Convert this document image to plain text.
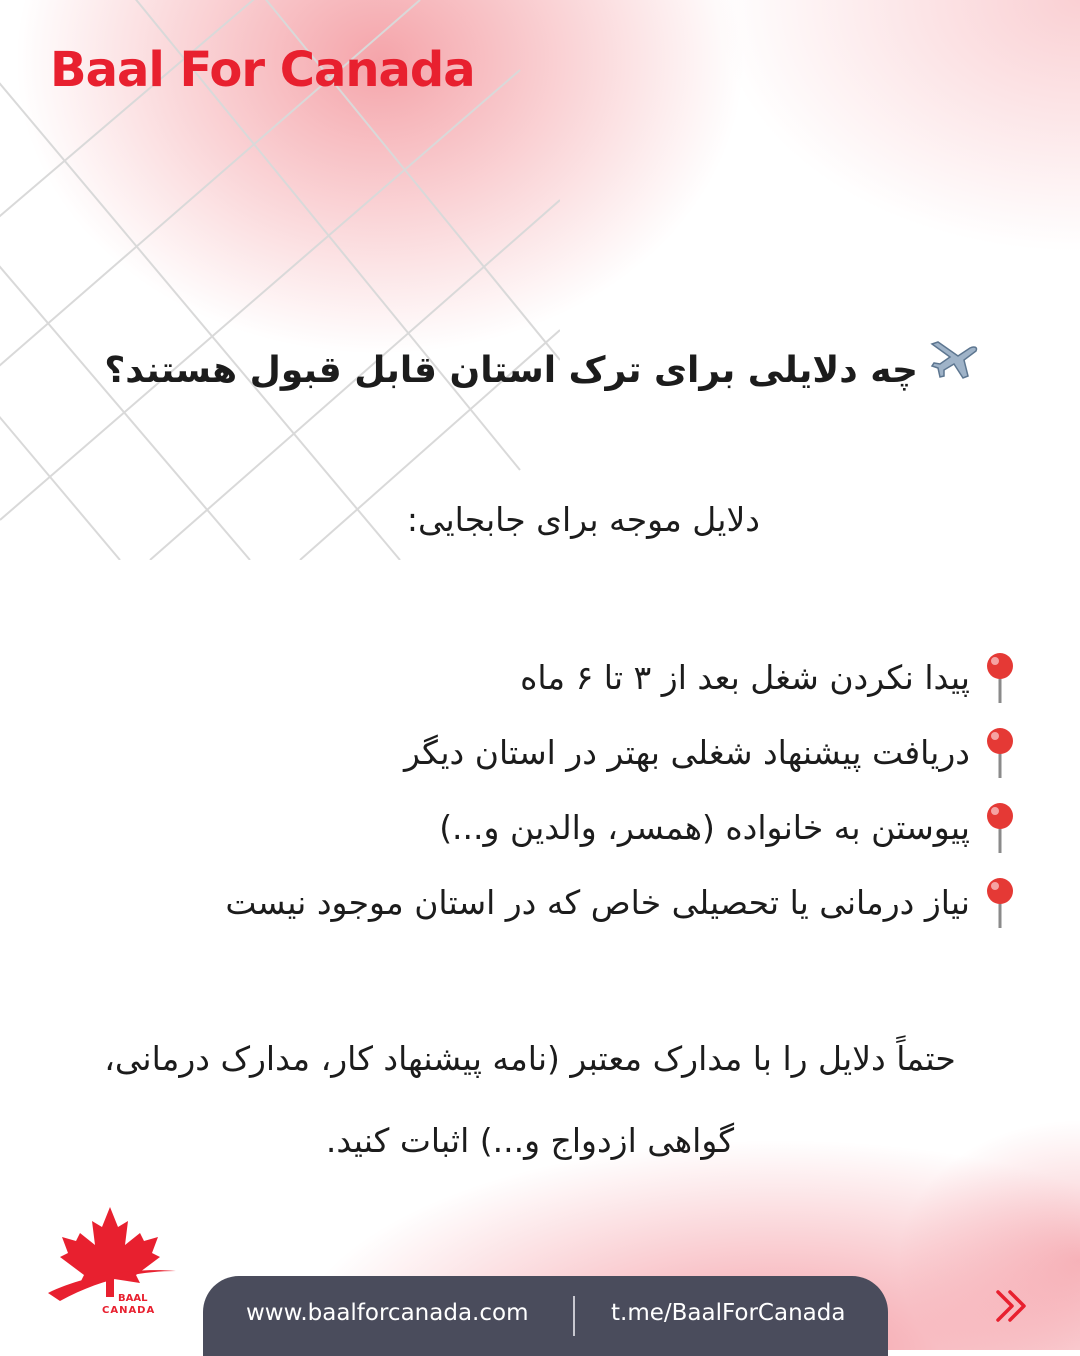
Baal For Canada
چه دلایلی برای ترک استان قابل قبول هستند؟
دلایل موجه برای جابجایی:
پیدا نکردن شغل بعد از ۳ تا ۶ ماه
دریافت پیشنهاد شغلی بهتر در استان دیگر
پیوستن به خانواده (همسر، والدین و...)
نیاز درمانی یا تحصیلی خاص که در استان موجود نیست
حتماً دلایل را با مدارک معتبر (نامه پیشنهاد کار، مدارک درمانی، گواهی ازدواج و...) اثبات کنید.
BAAL
CANADA	www.baalforcanada.com	t.me/BaalForCanada
